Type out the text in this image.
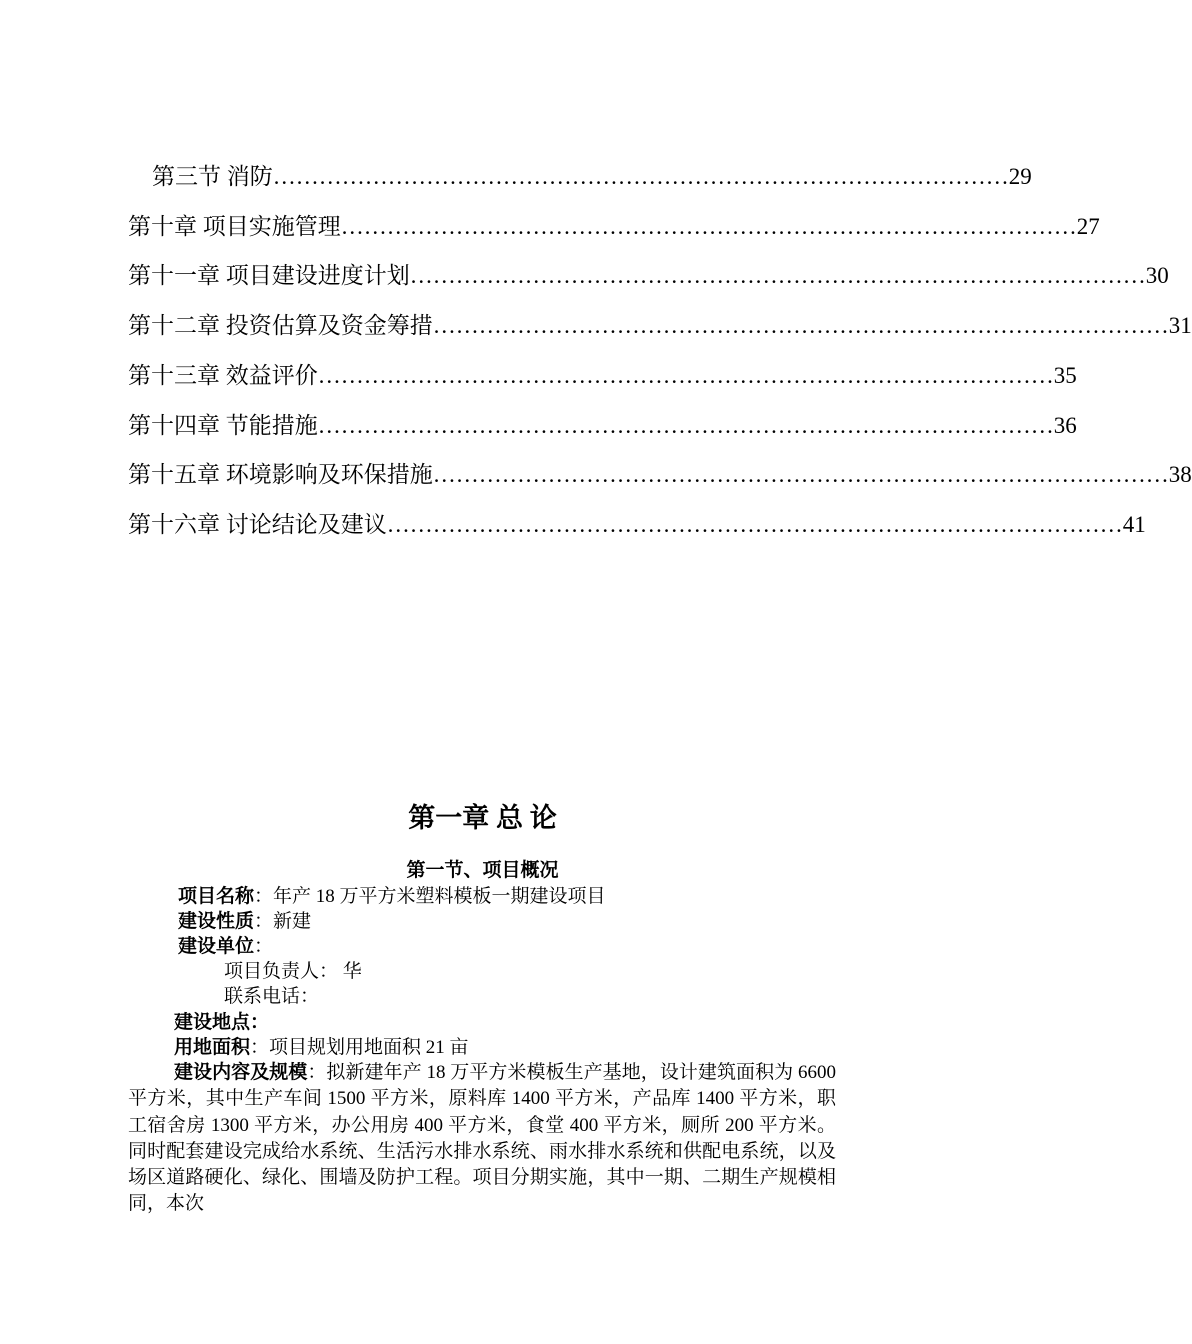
第三节 消防 …………………………………………………………………………………… 29
第十章 项目实施管理 …………………………………………………………………………………… 27
第十一章 项目建设进度计划 …………………………………………………………………………………… 30
第十二章 投资估算及资金筹措 …………………………………………………………………………………… 31
第十三章 效益评价 …………………………………………………………………………………… 35
第十四章 节能措施 …………………………………………………………………………………… 36
第十五章 环境影响及环保措施 …………………………………………………………………………………… 38
第十六章 讨论结论及建议 …………………………………………………………………………………… 41
第一章 总 论
第一节、项目概况
项目名称：年产 18 万平方米塑料模板一期建设项目
建设性质：新建
建设单位：
项目负责人： 华
联系电话：
建设地点：
用地面积：项目规划用地面积 21 亩
建设内容及规模：拟新建年产 18 万平方米模板生产基地，设计建筑面积为 6600 平方米，其中生产车间 1500 平方米，原料库 1400 平方米，产品库 1400 平方米，职工宿舍房 1300 平方米，办公用房 400 平方米，食堂 400 平方米，厕所 200 平方米。同时配套建设完成给水系统、生活污水排水系统、雨水排水系统和供配电系统，以及场区道路硬化、绿化、围墙及防护工程。项目分期实施，其中一期、二期生产规模相同，本次
